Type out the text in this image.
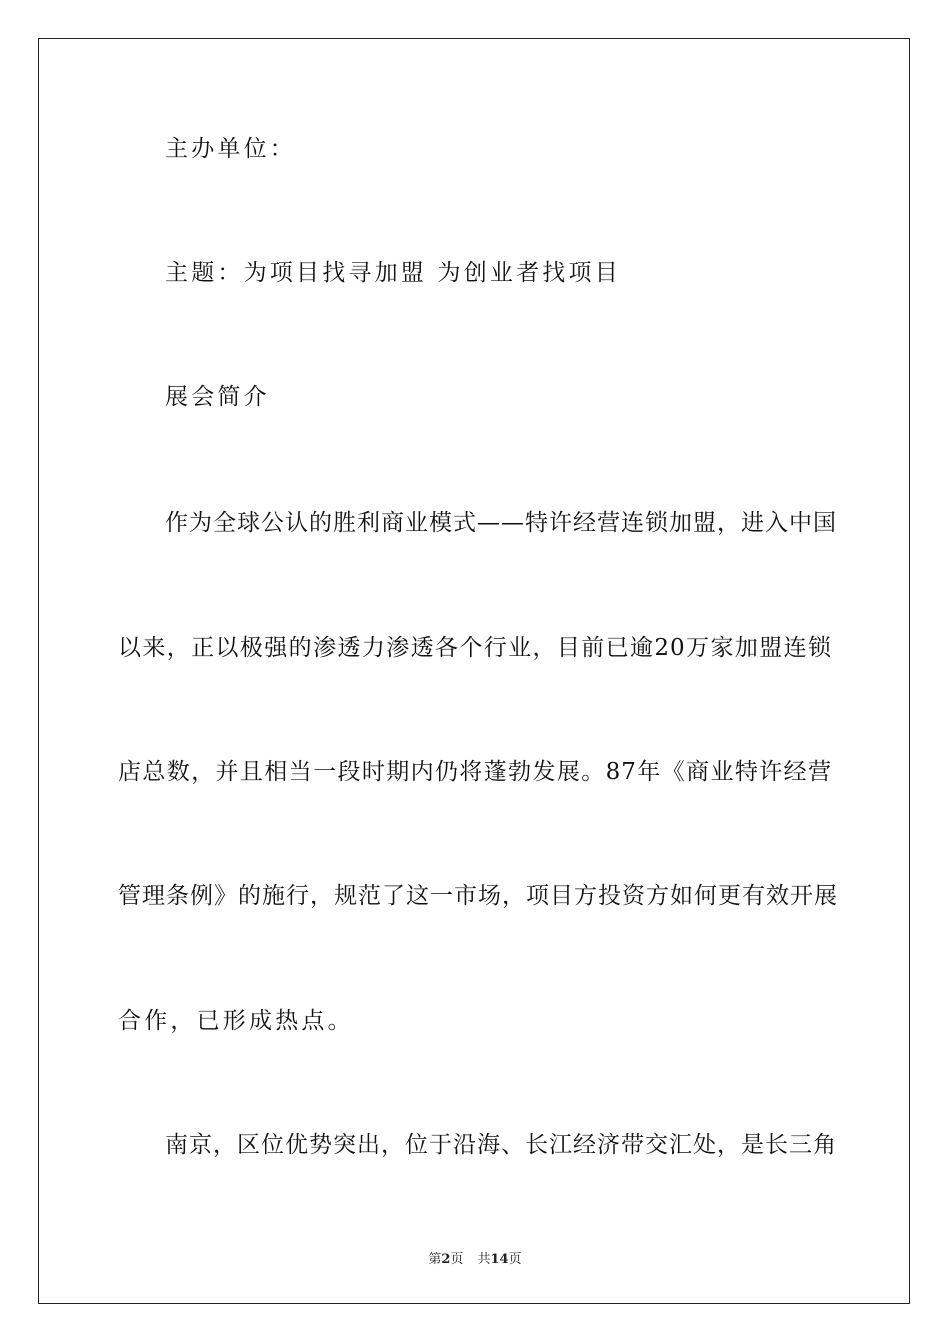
主办单位：
主题：为项目找寻加盟 为创业者找项目
展会简介
作为全球公认的胜利商业模式——特许经营连锁加盟，进入中国
以来，正以极强的渗透力渗透各个行业，目前已逾20万家加盟连锁
店总数，并且相当一段时期内仍将蓬勃发展。87年《商业特许经营
管理条例》的施行，规范了这一市场，项目方投资方如何更有效开展
合作，已形成热点。
南京，区位优势突出，位于沿海、长江经济带交汇处，是长三角
第2页 共14页
